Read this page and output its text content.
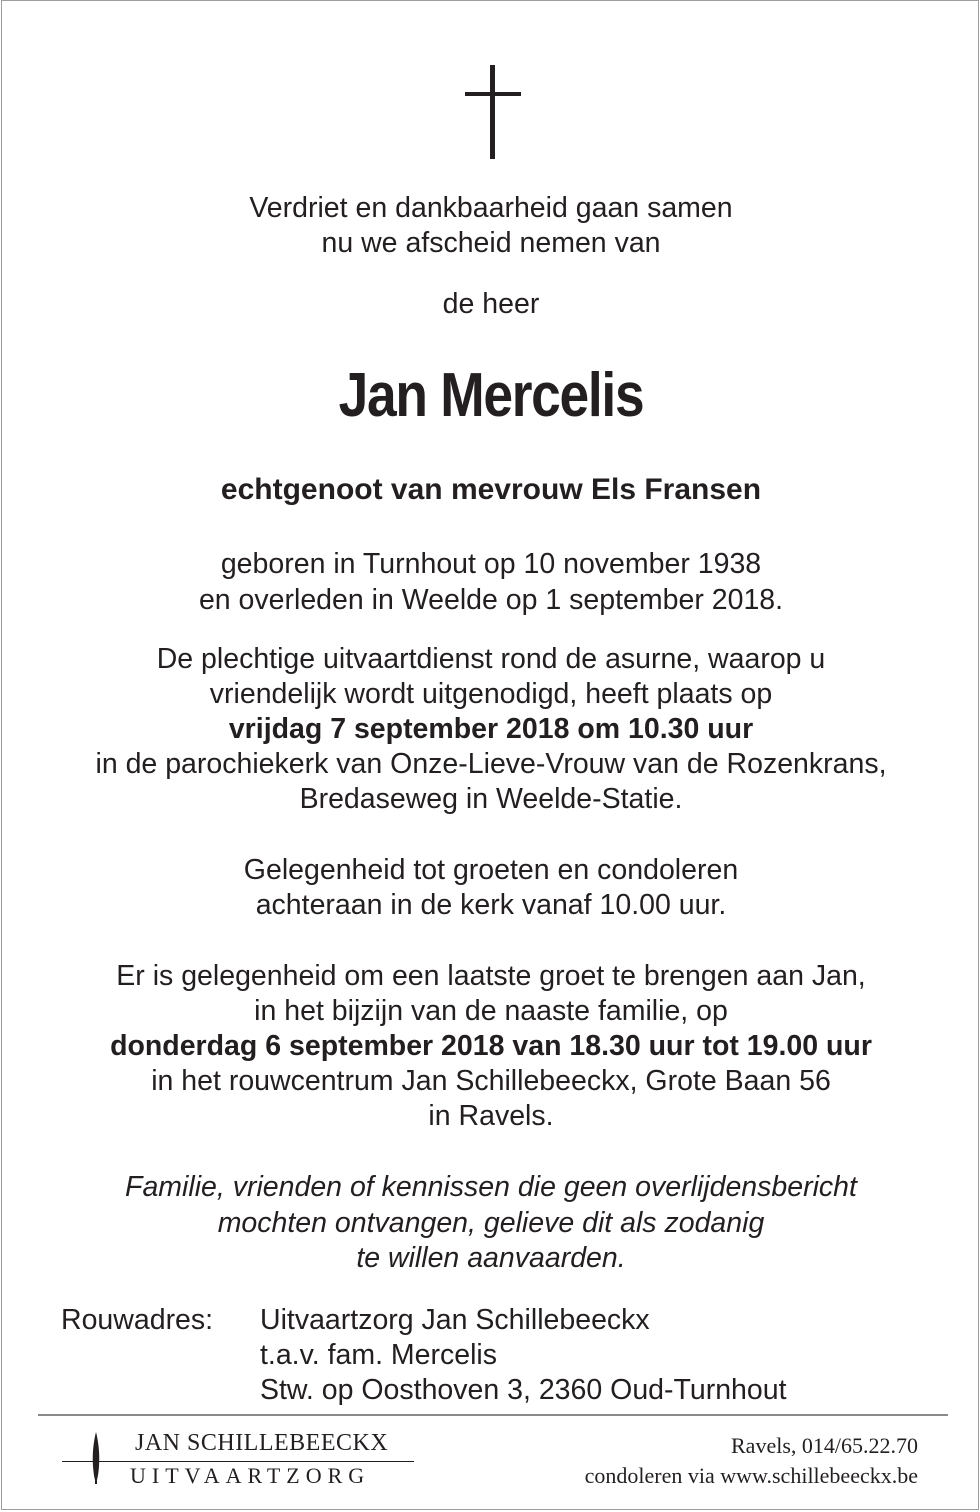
Verdriet en dankbaarheid gaan samen
nu we afscheid nemen van
de heer
Jan Mercelis
echtgenoot van mevrouw Els Fransen
geboren in Turnhout op 10 november 1938
en overleden in Weelde op 1 september 2018.
De plechtige uitvaartdienst rond de asurne, waarop u
vriendelijk wordt uitgenodigd, heeft plaats op
vrijdag 7 september 2018 om 10.30 uur
in de parochiekerk van Onze-Lieve-Vrouw van de Rozenkrans,
Bredaseweg in Weelde-Statie.
Gelegenheid tot groeten en condoleren
achteraan in de kerk vanaf 10.00 uur.
Er is gelegenheid om een laatste groet te brengen aan Jan,
in het bijzijn van de naaste familie, op
donderdag 6 september 2018 van 18.30 uur tot 19.00 uur
in het rouwcentrum Jan Schillebeeckx, Grote Baan 56
in Ravels.
Familie, vrienden of kennissen die geen overlijdensbericht
mochten ontvangen, gelieve dit als zodanig
te willen aanvaarden.
Rouwadres: Uitvaartzorg Jan Schillebeeckx
t.a.v. fam. Mercelis
Stw. op Oosthoven 3, 2360 Oud-Turnhout
JAN SCHILLEBEECKX
UITVAARTZORG
Ravels, 014/65.22.70
condoleren via www.schillebeeckx.be
